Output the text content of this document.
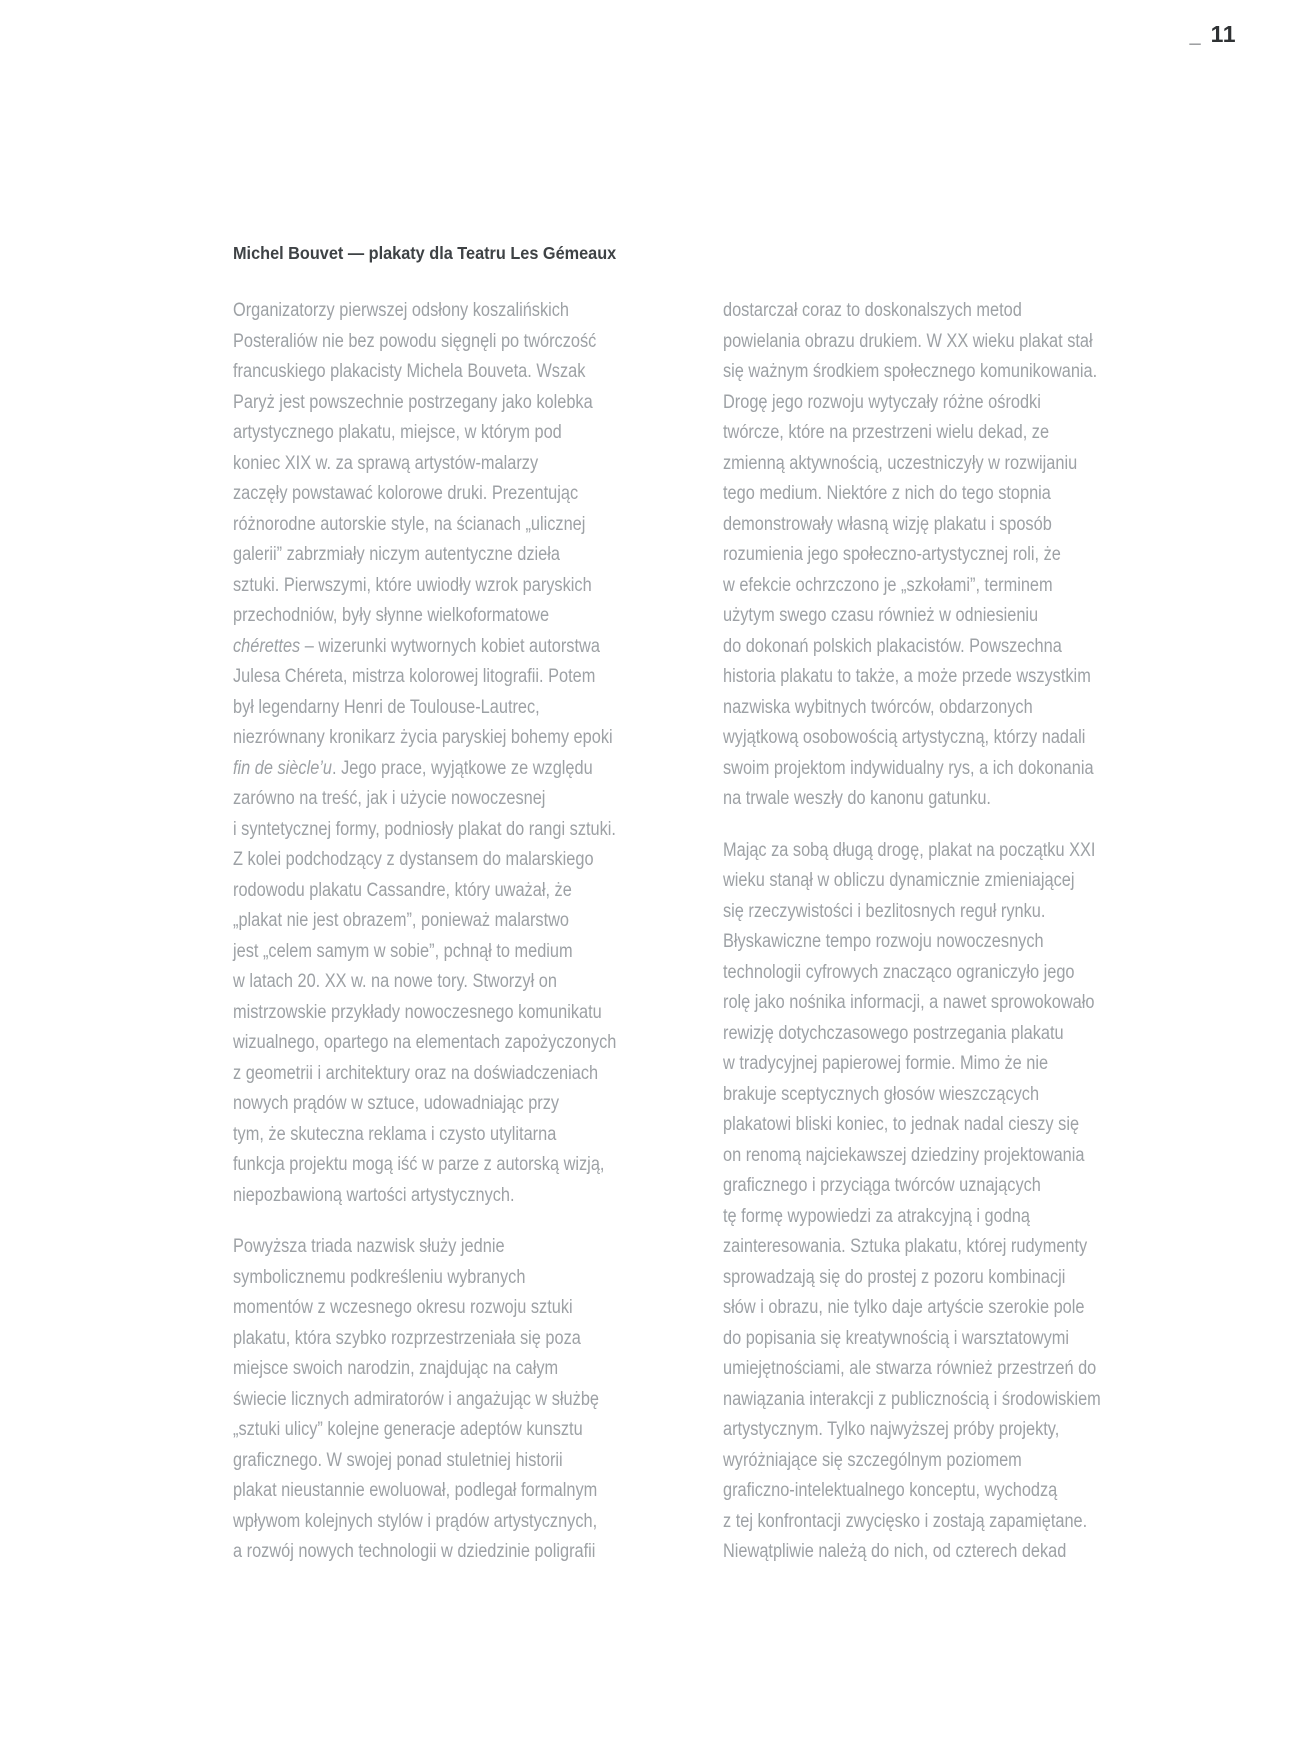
_ 11
Michel Bouvet — plakaty dla Teatru Les Gémeaux
Organizatorzy pierwszej odsłony koszalińskich
Posteraliów nie bez powodu sięgnęli po twórczość
francuskiego plakacisty Michela Bouveta. Wszak
Paryż jest powszechnie postrzegany jako kolebka
artystycznego plakatu, miejsce, w którym pod
koniec XIX w. za sprawą artystów-malarzy
zaczęły powstawać kolorowe druki. Prezentując
różnorodne autorskie style, na ścianach „ulicznej
galerii” zabrzmiały niczym autentyczne dzieła
sztuki. Pierwszymi, które uwiodły wzrok paryskich
przechodniów, były słynne wielkoformatowe
chérettes – wizerunki wytwornych kobiet autorstwa
Julesa Chéreta, mistrza kolorowej litografii. Potem
był legendarny Henri de Toulouse-Lautrec,
niezrównany kronikarz życia paryskiej bohemy epoki
fin de siècle’u. Jego prace, wyjątkowe ze względu
zarówno na treść, jak i użycie nowoczesnej
i syntetycznej formy, podniosły plakat do rangi sztuki.
Z kolei podchodzący z dystansem do malarskiego
rodowodu plakatu Cassandre, który uważał, że
„plakat nie jest obrazem”, ponieważ malarstwo
jest „celem samym w sobie”, pchnął to medium
w latach 20. XX w. na nowe tory. Stworzył on
mistrzowskie przykłady nowoczesnego komunikatu
wizualnego, opartego na elementach zapożyczonych
z geometrii i architektury oraz na doświadczeniach
nowych prądów w sztuce, udowadniając przy
tym, że skuteczna reklama i czysto utylitarna
funkcja projektu mogą iść w parze z autorską wizją,
niepozbawioną wartości artystycznych.
Powyższa triada nazwisk służy jednie
symbolicznemu podkreśleniu wybranych
momentów z wczesnego okresu rozwoju sztuki
plakatu, która szybko rozprzestrzeniała się poza
miejsce swoich narodzin, znajdując na całym
świecie licznych admiratorów i angażując w służbę
„sztuki ulicy” kolejne generacje adeptów kunsztu
graficznego. W swojej ponad stuletniej historii
plakat nieustannie ewoluował, podlegał formalnym
wpływom kolejnych stylów i prądów artystycznych,
a rozwój nowych technologii w dziedzinie poligrafii
dostarczał coraz to doskonalszych metod
powielania obrazu drukiem. W XX wieku plakat stał
się ważnym środkiem społecznego komunikowania.
Drogę jego rozwoju wytyczały różne ośrodki
twórcze, które na przestrzeni wielu dekad, ze
zmienną aktywnością, uczestniczyły w rozwijaniu
tego medium. Niektóre z nich do tego stopnia
demonstrowały własną wizję plakatu i sposób
rozumienia jego społeczno-artystycznej roli, że
w efekcie ochrzczono je „szkołami”, terminem
użytym swego czasu również w odniesieniu
do dokonań polskich plakacistów. Powszechna
historia plakatu to także, a może przede wszystkim
nazwiska wybitnych twórców, obdarzonych
wyjątkową osobowością artystyczną, którzy nadali
swoim projektom indywidualny rys, a ich dokonania
na trwale weszły do kanonu gatunku.
Mając za sobą długą drogę, plakat na początku XXI
wieku stanął w obliczu dynamicznie zmieniającej
się rzeczywistości i bezlitosnych reguł rynku.
Błyskawiczne tempo rozwoju nowoczesnych
technologii cyfrowych znacząco ograniczyło jego
rolę jako nośnika informacji, a nawet sprowokowało
rewizję dotychczasowego postrzegania plakatu
w tradycyjnej papierowej formie. Mimo że nie
brakuje sceptycznych głosów wieszczących
plakatowi bliski koniec, to jednak nadal cieszy się
on renomą najciekawszej dziedziny projektowania
graficznego i przyciąga twórców uznających
tę formę wypowiedzi za atrakcyjną i godną
zainteresowania. Sztuka plakatu, której rudymenty
sprowadzają się do prostej z pozoru kombinacji
słów i obrazu, nie tylko daje artyście szerokie pole
do popisania się kreatywnością i warsztatowymi
umiejętnościami, ale stwarza również przestrzeń do
nawiązania interakcji z publicznością i środowiskiem
artystycznym. Tylko najwyższej próby projekty,
wyróżniające się szczególnym poziomem
graficzno-intelektualnego konceptu, wychodzą
z tej konfrontacji zwycięsko i zostają zapamiętane.
Niewątpliwie należą do nich, od czterech dekad
